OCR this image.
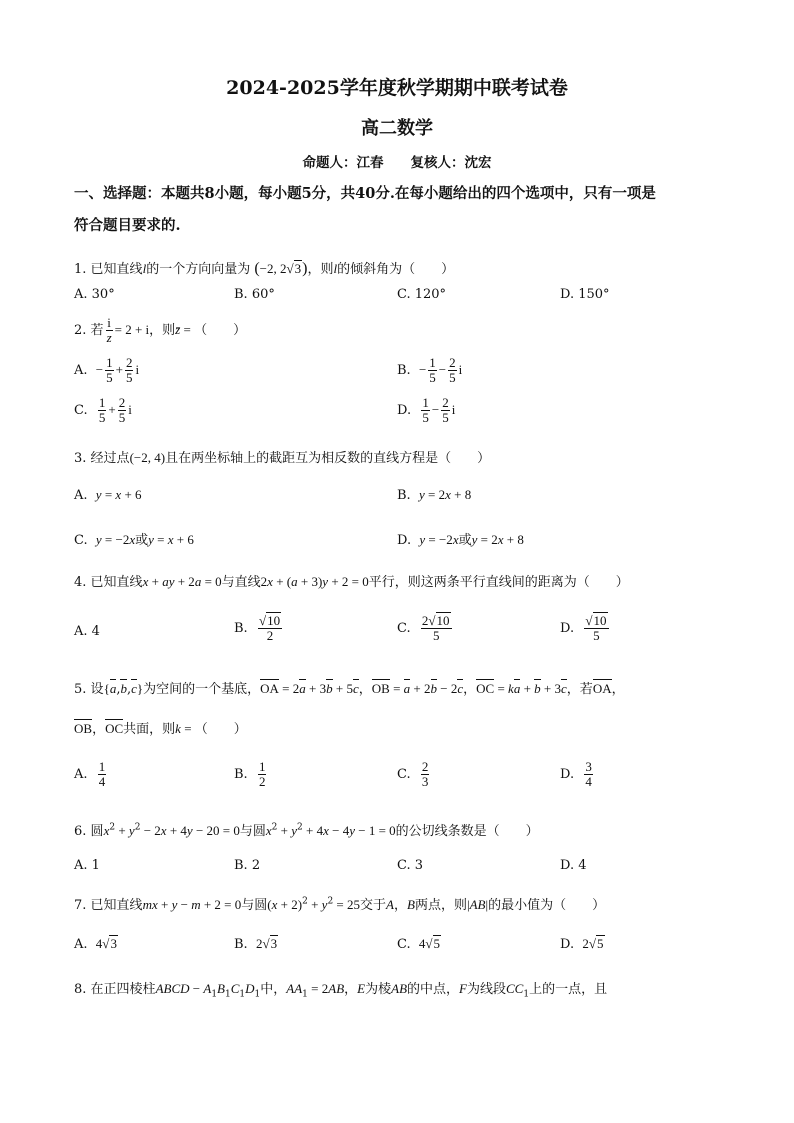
2024-2025学年度秋学期期中联考试卷
高二数学
命题人：江春　　复核人：沈宏
一、选择题：本题共8小题，每小题5分，共40分.在每小题给出的四个选项中，只有一项是
符合题目要求的.
1. 已知直线l的一个方向向量为 (−2, 2√3)，则l的倾斜角为（　　）
A. 30°	B. 60°	C. 120°	D. 150°
2. 若 $\frac{i}{z} = 2 + i$，则z̄ = （　　）
A. − $\frac{1}{5} + \frac{2}{5}$ i	B. − $\frac{1}{5} - \frac{2}{5}$ i
C. $\frac{1}{5} + \frac{2}{5}$ i	D. $\frac{1}{5} - \frac{2}{5}$ i
3. 经过点(−2, 4)且在两坐标轴上的截距互为相反数的直线方程是（　　）
A. y = x + 6	B. y = 2x + 8
C. y = −2x或y = x + 6	D. y = −2x或y = 2x + 8
4. 已知直线x + ay + 2a = 0与直线2x + (a + 3)y + 2 = 0平行，则这两条平行直线间的距离为（　　）
A. 4	B. $\frac{√10}{2}$	C. $\frac{2√10}{5}$	D. $\frac{√10}{5}$
5. 设{a,b,c}为空间的一个基底，OA = 2a + 3b + 5c，OB = a + 2b − 2c，OC = ka + b + 3c，若OA，
OB，OC共面，则k = （　　）
A. $\frac{1}{4}$	B. $\frac{1}{2}$	C. $\frac{2}{3}$	D. $\frac{3}{4}$
6. 圆$x^2 + y^2 - 2x + 4y - 20 = 0$与圆$x^2 + y^2 + 4x - 4y - 1 = 0$的公切线条数是（　　）
A. 1	B. 2	C. 3	D. 4
7. 已知直线mx + y − m + 2 = 0与圆$(x + 2)^2 + y^2 = 25$交于A，B两点，则|AB|的最小值为（　　）
A. 4√3	B. 2√3	C. 4√5	D. 2√5
8. 在正四棱柱ABCD − $A_1B_1C_1D_1$中，$AA_1 = 2AB$，E为棱AB的中点，F为线段$CC_1$上的一点，且
